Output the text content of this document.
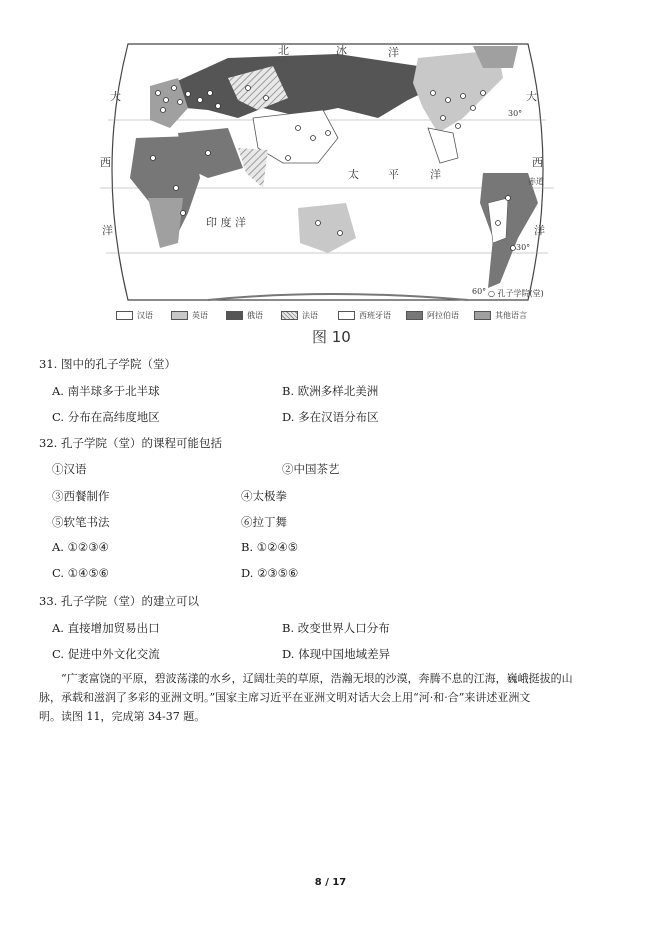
北	冰	洋
大	大
太	平	洋
印 度 洋
西	西
洋	洋
赤道
30°
30°
60° ○ 孔子学院(堂)
汉语	英语	俄语	法语	西班牙语	阿拉伯语	其他语言
图 10
31. 图中的孔子学院（堂）
A. 南半球多于北半球	B. 欧洲多样北美洲
C. 分布在高纬度地区	D. 多在汉语分布区
32. 孔子学院（堂）的课程可能包括
①汉语	②中国茶艺
③西餐制作	④太极拳
⑤软笔书法	⑥拉丁舞
A. ①②③④	B. ①②④⑤
C. ①④⑤⑥	D. ②③⑤⑥
33. 孔子学院（堂）的建立可以
A. 直接增加贸易出口	B. 改变世界人口分布
C. 促进中外文化交流	D. 体现中国地域差异
“广袤富饶的平原，碧波荡漾的水乡，辽阔壮美的草原，浩瀚无垠的沙漠，奔腾不息的江海，巍峨挺拔的山
脉，承载和滋润了多彩的亚洲文明。”国家主席习近平在亚洲文明对话大会上用“河·和·合”来讲述亚洲文
明。读图 11，完成第 34-37 题。
8 / 17
